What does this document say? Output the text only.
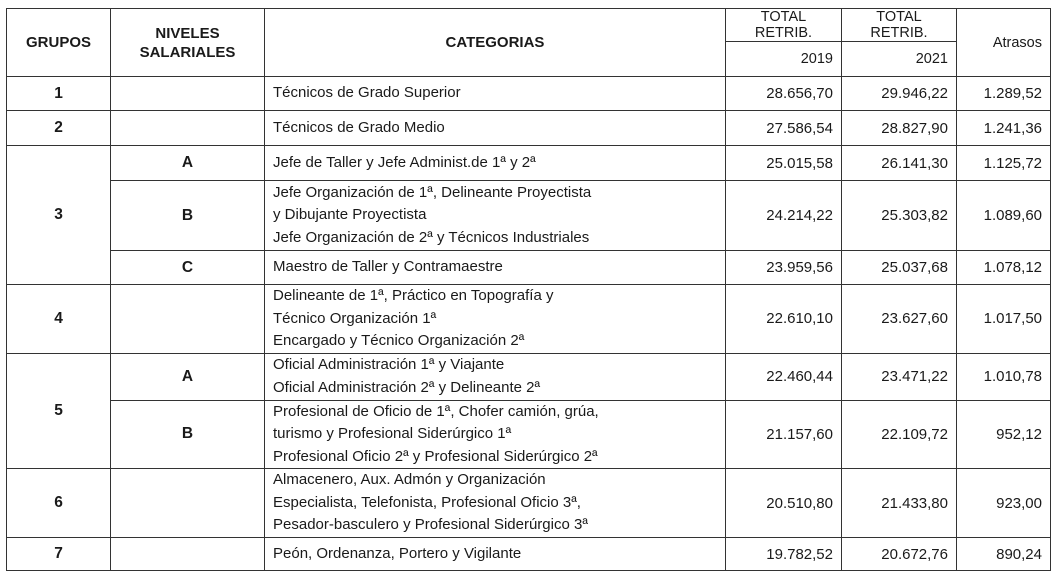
GRUPOS	NIVELES
SALARIALES	CATEGORIAS	TOTAL RETRIB.	TOTAL RETRIB.	Atrasos
			2019	2021	
1		Técnicos de Grado Superior	28.656,70	29.946,22	1.289,52
2		Técnicos de Grado Medio	27.586,54	28.827,90	1.241,36
3	A	Jefe de Taller y Jefe Administ.de 1ª y 2ª	25.015,58	26.141,30	1.125,72
	B	Jefe Organización de 1ª, Delineante Proyectista
y Dibujante Proyectista
Jefe Organización de 2ª y Técnicos Industriales	24.214,22	25.303,82	1.089,60
	C	Maestro de Taller y Contramaestre	23.959,56	25.037,68	1.078,12
4		Delineante de 1ª, Práctico en Topografía y
Técnico Organización 1ª
Encargado y Técnico Organización 2ª	22.610,10	23.627,60	1.017,50
5	A	Oficial Administración 1ª y Viajante
Oficial Administración 2ª y Delineante 2ª	22.460,44	23.471,22	1.010,78
	B	Profesional de Oficio de 1ª, Chofer camión, grúa,
turismo y Profesional Siderúrgico 1ª
Profesional Oficio 2ª y Profesional Siderúrgico 2ª	21.157,60	22.109,72	952,12
6		Almacenero, Aux. Admón y Organización
Especialista, Telefonista, Profesional Oficio 3ª,
Pesador-basculero y Profesional Siderúrgico 3ª	20.510,80	21.433,80	923,00
7		Peón, Ordenanza, Portero y Vigilante	19.782,52	20.672,76	890,24
